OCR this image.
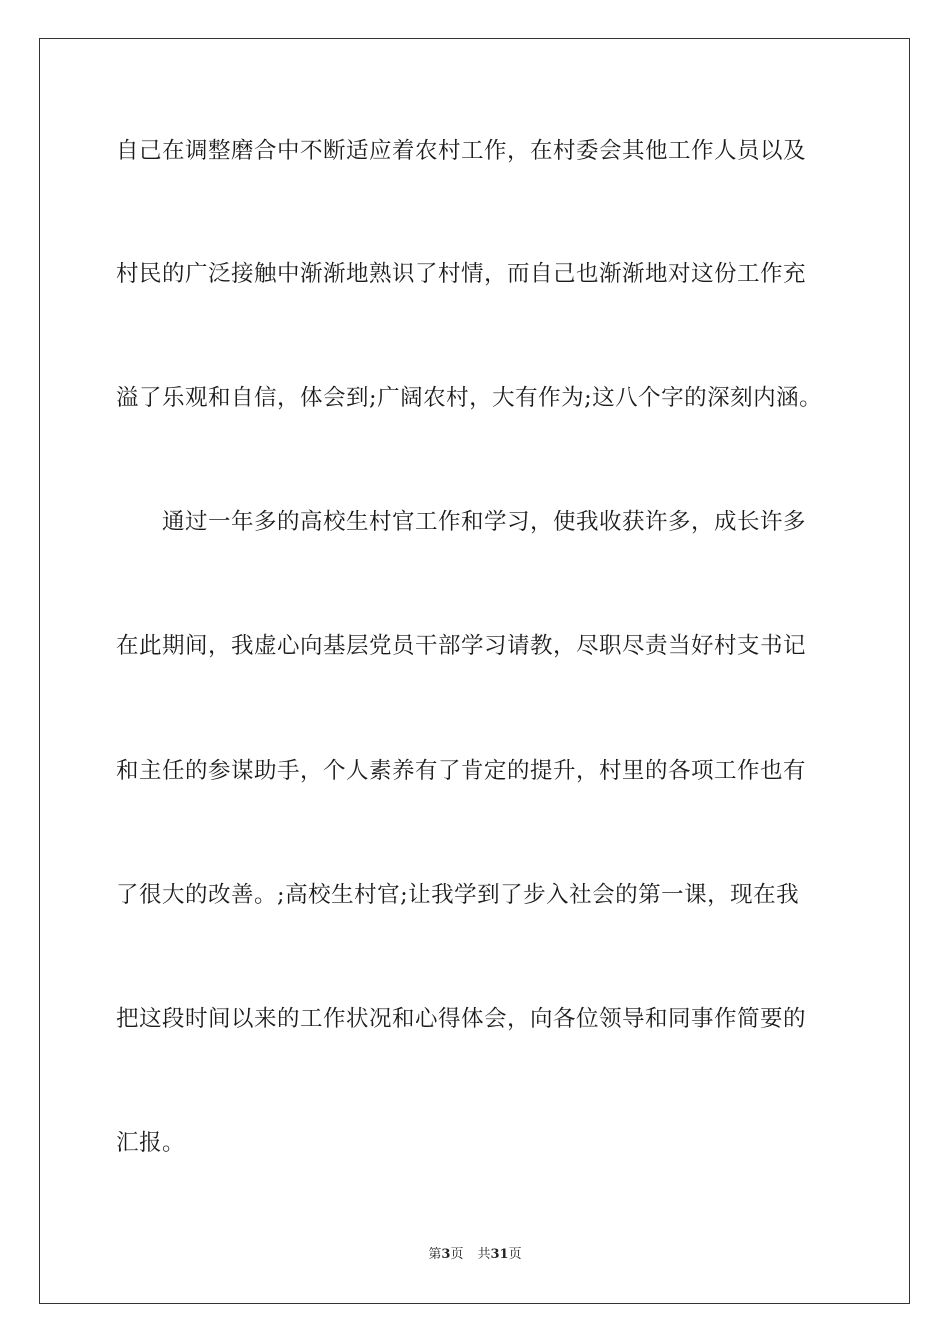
自己在调整磨合中不断适应着农村工作，在村委会其他工作人员以及
村民的广泛接触中渐渐地熟识了村情，而自己也渐渐地对这份工作充
溢了乐观和自信，体会到;广阔农村，大有作为;这八个字的深刻内涵。
　　通过一年多的高校生村官工作和学习，使我收获许多，成长许多
在此期间，我虚心向基层党员干部学习请教，尽职尽责当好村支书记
和主任的参谋助手，个人素养有了肯定的提升，村里的各项工作也有
了很大的改善。;高校生村官;让我学到了步入社会的第一课，现在我
把这段时间以来的工作状况和心得体会，向各位领导和同事作简要的
汇报。
第3页 共31页
